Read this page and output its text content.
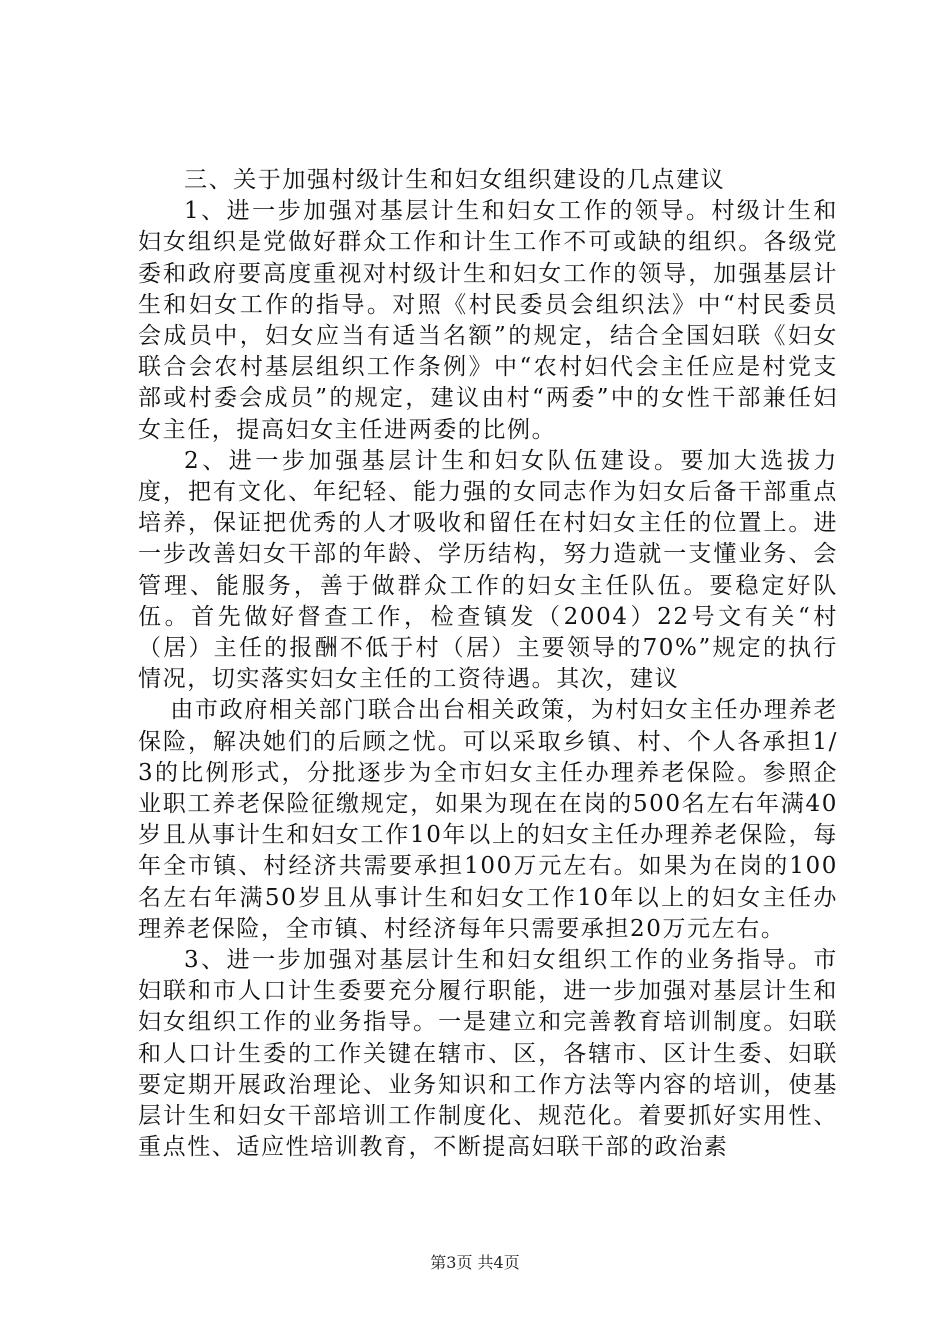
三、关于加强村级计生和妇女组织建设的几点建议

1、进一步加强对基层计生和妇女工作的领导。村级计生和妇女组织是党做好群众工作和计生工作不可或缺的组织。各级党委和政府要高度重视对村级计生和妇女工作的领导，加强基层计生和妇女工作的指导。对照《村民委员会组织法》中“村民委员会成员中，妇女应当有适当名额”的规定，结合全国妇联《妇女联合会农村基层组织工作条例》中“农村妇代会主任应是村党支部或村委会成员”的规定，建议由村“两委”中的女性干部兼任妇女主任，提高妇女主任进两委的比例。

2、进一步加强基层计生和妇女队伍建设。要加大选拔力度，把有文化、年纪轻、能力强的女同志作为妇女后备干部重点培养，保证把优秀的人才吸收和留任在村妇女主任的位置上。进一步改善妇女干部的年龄、学历结构，努力造就一支懂业务、会管理、能服务，善于做群众工作的妇女主任队伍。要稳定好队伍。首先做好督查工作，检查镇发（2004）22号文有关“村（居）主任的报酬不低于村（居）主要领导的70%”规定的执行情况，切实落实妇女主任的工资待遇。其次，建议

由市政府相关部门联合出台相关政策，为村妇女主任办理养老保险，解决她们的后顾之忧。可以采取乡镇、村、个人各承担1/3的比例形式，分批逐步为全市妇女主任办理养老保险。参照企业职工养老保险征缴规定，如果为现在在岗的500名左右年满40岁且从事计生和妇女工作10年以上的妇女主任办理养老保险，每年全市镇、村经济共需要承担100万元左右。如果为在岗的100名左右年满50岁且从事计生和妇女工作10年以上的妇女主任办理养老保险，全市镇、村经济每年只需要承担20万元左右。

3、进一步加强对基层计生和妇女组织工作的业务指导。市妇联和市人口计生委要充分履行职能，进一步加强对基层计生和妇女组织工作的业务指导。一是建立和完善教育培训制度。妇联和人口计生委的工作关键在辖市、区，各辖市、区计生委、妇联要定期开展政治理论、业务知识和工作方法等内容的培训，使基层计生和妇女干部培训工作制度化、规范化。着要抓好实用性、重点性、适应性培训教育，不断提高妇联干部的政治素

第3页 共4页
